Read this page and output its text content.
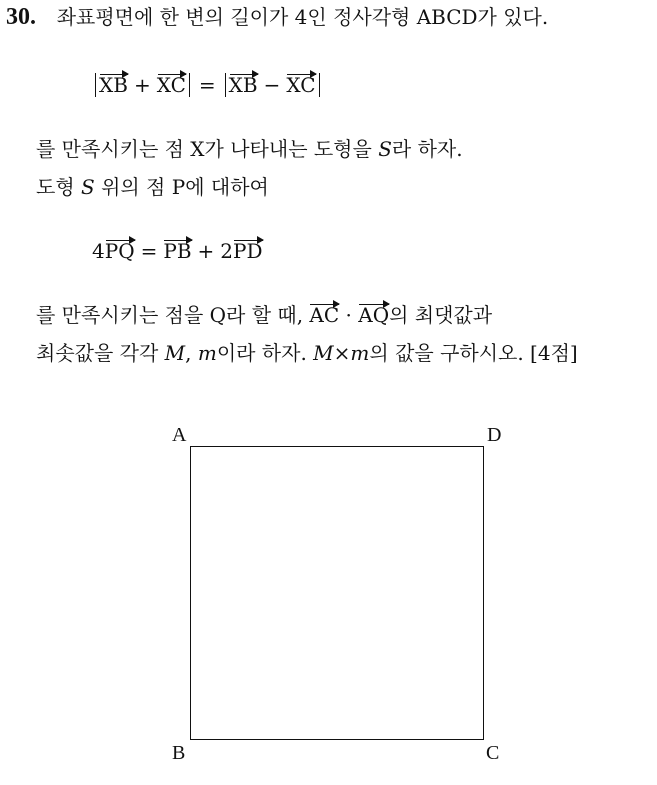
30. 좌표평면에 한 변의 길이가 4인 정사각형 ABCD가 있다.
XB + XC = XB − XC
를 만족시키는 점 X가 나타내는 도형을 S라 하자.
도형 S 위의 점 P에 대하여
4PQ = PB + 2PD
를 만족시키는 점을 Q라 할 때, AC · AQ의 최댓값과
최솟값을 각각 M, m이라 하자. M×m의 값을 구하시오. [4점]
A	D
B	C
